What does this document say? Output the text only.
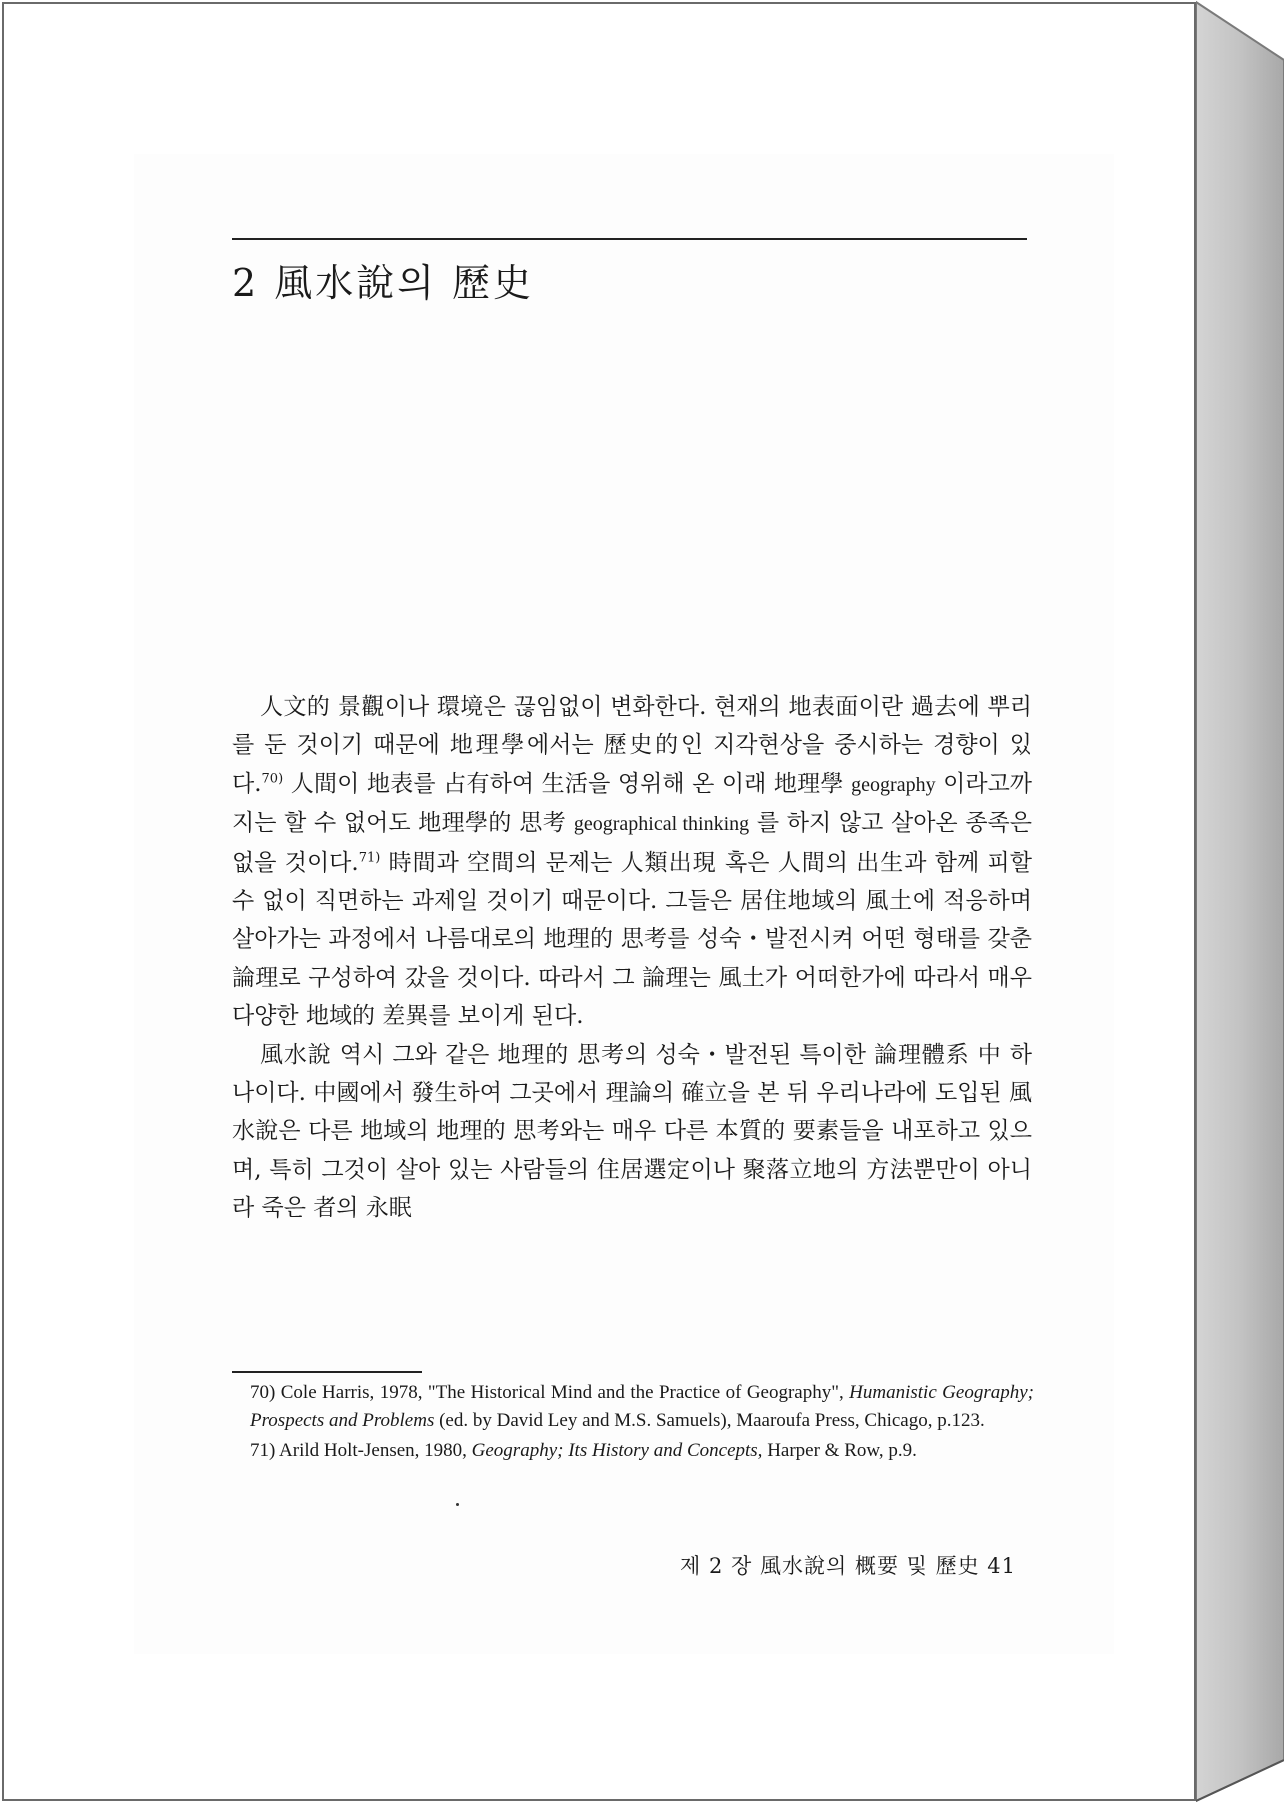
2 風水說의 歷史

人文的 景觀이나 環境은 끊임없이 변화한다. 현재의 地表面이란 過去에 뿌리를 둔 것이기 때문에 地理學에서는 歷史的인 지각현상을 중시하는 경향이 있다.$^{70)}$ 人間이 地表를 占有하여 生活을 영위해 온 이래 地理學 geography 이라고까지는 할 수 없어도 地理學的 思考 geographical thinking 를 하지 않고 살아온 종족은 없을 것이다.$^{71)}$ 時間과 空間의 문제는 人類出現 혹은 人間의 出生과 함께 피할 수 없이 직면하는 과제일 것이기 때문이다. 그들은 居住地域의 風土에 적응하며 살아가는 과정에서 나름대로의 地理的 思考를 성숙・발전시켜 어떤 형태를 갖춘 論理로 구성하여 갔을 것이다. 따라서 그 論理는 風土가 어떠한가에 따라서 매우 다양한 地域的 差異를 보이게 된다.

風水說 역시 그와 같은 地理的 思考의 성숙・발전된 특이한 論理體系 中 하나이다. 中國에서 發生하여 그곳에서 理論의 確立을 본 뒤 우리나라에 도입된 風水說은 다른 地域의 地理的 思考와는 매우 다른 本質的 要素들을 내포하고 있으며, 특히 그것이 살아 있는 사람들의 住居選定이나 聚落立地의 方法뿐만이 아니라 죽은 者의 永眠

70) Cole Harris, 1978, "The Historical Mind and the Practice of Geography", Humanistic Geography; Prospects and Problems (ed. by David Ley and M.S. Samuels), Maaroufa Press, Chicago, p.123.

71) Arild Holt-Jensen, 1980, Geography; Its History and Concepts, Harper & Row, p.9.

제 2 장 風水說의 概要 및 歷史 41
